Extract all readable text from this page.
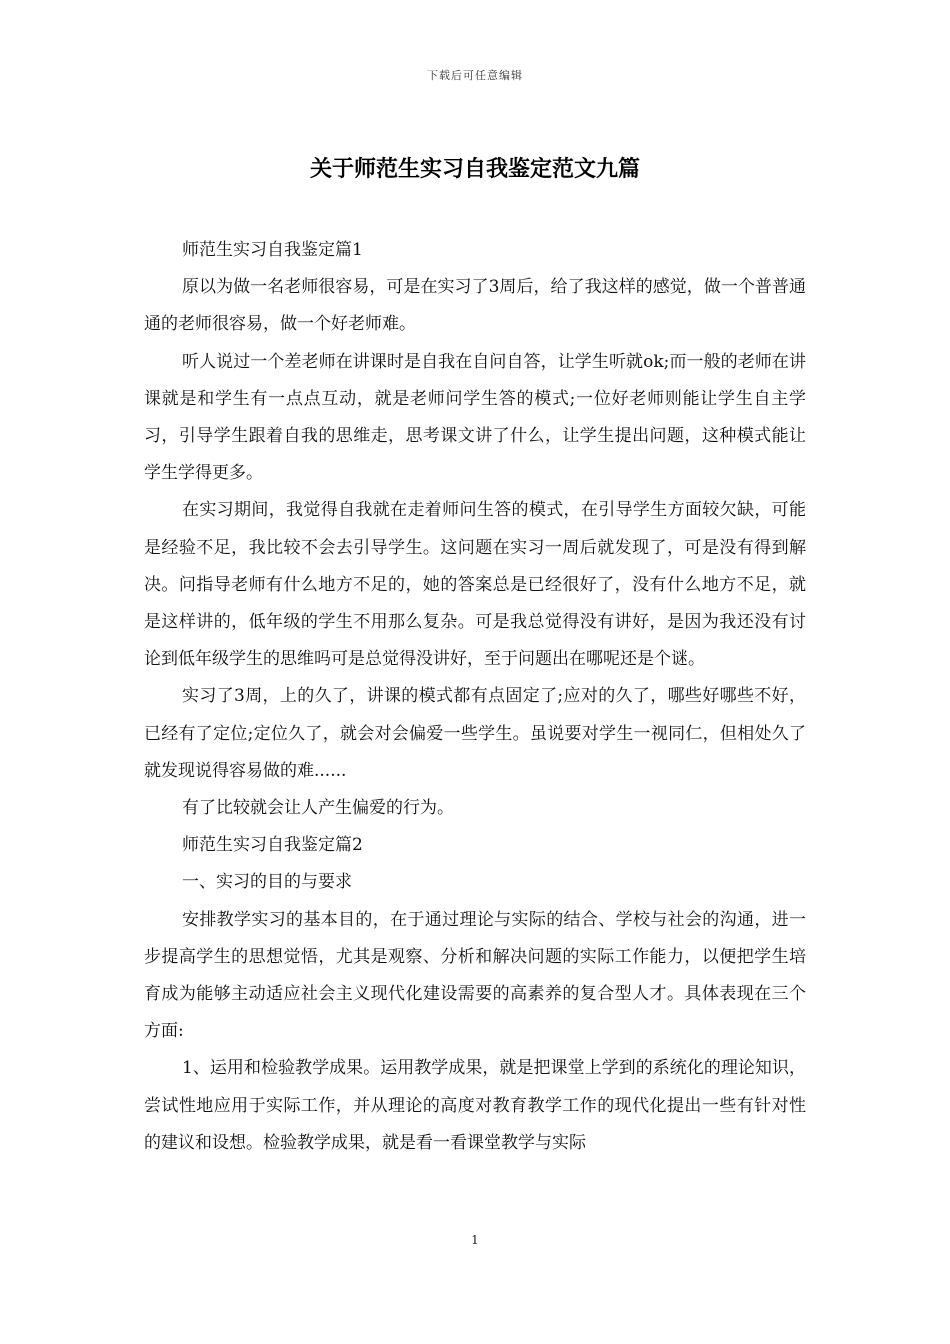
下载后可任意编辑
关于师范生实习自我鉴定范文九篇

师范生实习自我鉴定篇1

原以为做一名老师很容易，可是在实习了3周后，给了我这样的感觉，做一个普普通通的老师很容易，做一个好老师难。

听人说过一个差老师在讲课时是自我在自问自答，让学生听就ok;而一般的老师在讲课就是和学生有一点点互动，就是老师问学生答的模式;一位好老师则能让学生自主学习，引导学生跟着自我的思维走，思考课文讲了什么，让学生提出问题，这种模式能让学生学得更多。

在实习期间，我觉得自我就在走着师问生答的模式，在引导学生方面较欠缺，可能是经验不足，我比较不会去引导学生。这问题在实习一周后就发现了，可是没有得到解决。问指导老师有什么地方不足的，她的答案总是已经很好了，没有什么地方不足，就是这样讲的，低年级的学生不用那么复杂。可是我总觉得没有讲好，是因为我还没有讨论到低年级学生的思维吗可是总觉得没讲好，至于问题出在哪呢还是个谜。

实习了3周，上的久了，讲课的模式都有点固定了;应对的久了，哪些好哪些不好，已经有了定位;定位久了，就会对会偏爱一些学生。虽说要对学生一视同仁，但相处久了就发现说得容易做的难......

有了比较就会让人产生偏爱的行为。

师范生实习自我鉴定篇2

一、实习的目的与要求

安排教学实习的基本目的，在于通过理论与实际的结合、学校与社会的沟通，进一步提高学生的思想觉悟，尤其是观察、分析和解决问题的实际工作能力，以便把学生培育成为能够主动适应社会主义现代化建设需要的高素养的复合型人才。具体表现在三个方面:

1、运用和检验教学成果。运用教学成果，就是把课堂上学到的系统化的理论知识，尝试性地应用于实际工作，并从理论的高度对教育教学工作的现代化提出一些有针对性的建议和设想。检验教学成果，就是看一看课堂教学与实际

1
